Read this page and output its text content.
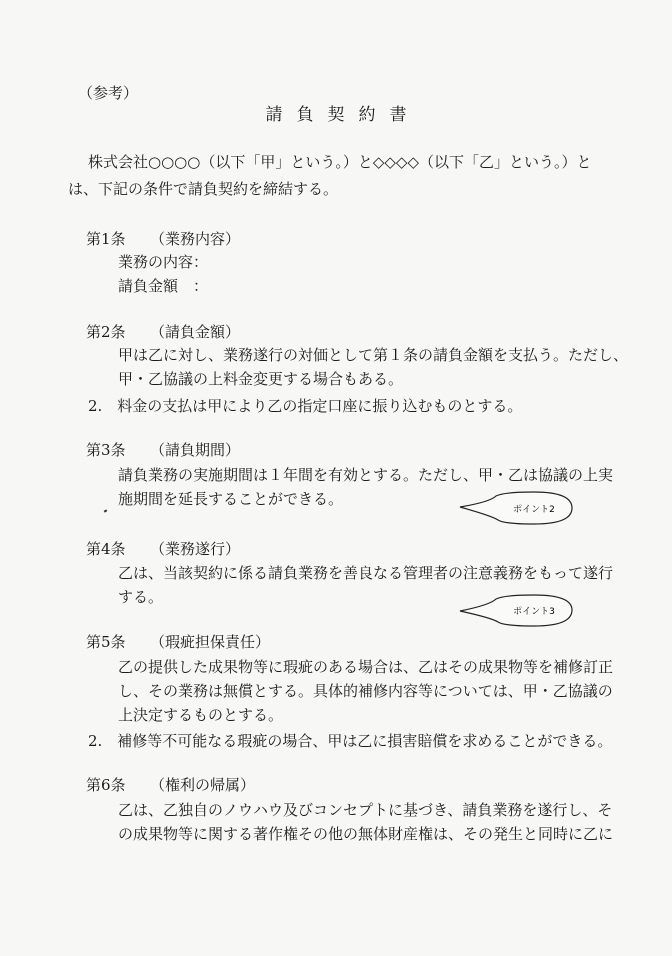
（参考）
請負契約書
株式会社○○○○（以下「甲」という。）と◇◇◇◇（以下「乙」という。）と
は、下記の条件で請負契約を締結する。
第1条 （業務内容）
業務の内容：
請負金額　：
第2条 （請負金額）
甲は乙に対し、業務遂行の対価として第１条の請負金額を支払う。ただし、
甲・乙協議の上料金変更する場合もある。
2.　料金の支払は甲により乙の指定口座に振り込むものとする。
第3条 （請負期間）
請負業務の実施期間は１年間を有効とする。ただし、甲・乙は協議の上実
施期間を延長することができる。
ポイント2
第4条 （業務遂行）
乙は、当該契約に係る請負業務を善良なる管理者の注意義務をもって遂行
する。
ポイント3
第5条 （瑕疵担保責任）
乙の提供した成果物等に瑕疵のある場合は、乙はその成果物等を補修訂正
し、その業務は無償とする。具体的補修内容等については、甲・乙協議の
上決定するものとする。
2.　補修等不可能なる瑕疵の場合、甲は乙に損害賠償を求めることができる。
第6条 （権利の帰属）
乙は、乙独自のノウハウ及びコンセプトに基づき、請負業務を遂行し、そ
の成果物等に関する著作権その他の無体財産権は、その発生と同時に乙に
